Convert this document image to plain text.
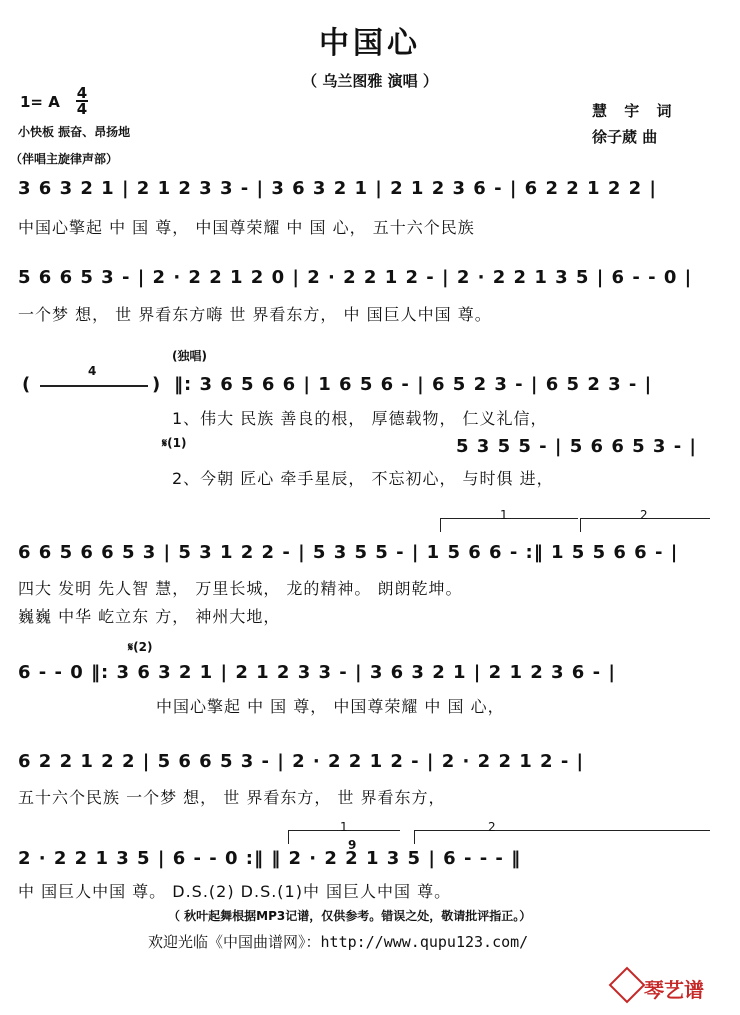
中国心
（ 乌兰图雅 演唱 ）
1= A 4
4
小快板 振奋、昂扬地
慧 宇 词
徐子葳 曲
（伴唱主旋律声部）
3 6 3 2 1 | 2 1 2 3 3 - | 3 6 3 2 1 | 2 1 2 3 6 - | 6 2 2 1 2 2 |
中国心擎起 中 国 尊， 中国尊荣耀 中 国 心， 五十六个民族
5 6 6 5 3 - | 2 · 2 2 1 2 0 | 2 · 2 2 1 2 - | 2 · 2 2 1 3 5 | 6 - - 0 |
一个梦 想， 世 界看东方嗨 世 界看东方， 中 国巨人中国 尊。
(独唱)
(
4
) ‖: 3 6 5 6 6 | 1 6 5 6 - | 6 5 2 3 - | 6 5 2 3 - |
1、伟大 民族 善良的根， 厚德载物， 仁义礼信，
𝄋(1)	5 3 5 5 - | 5 6 6 5 3 - |
2、今朝 匠心 牵手星辰， 不忘初心， 与时俱 进，
1	2
6 6 5 6 6 5 3 | 5 3 1 2 2 - | 5 3 5 5 - | 1 5 6 6 - :‖ 1 5 5 6 6 - |
四大 发明 先人智 慧， 万里长城， 龙的精神。 朗朗乾坤。
巍巍 中华 屹立东 方， 神州大地，
𝄋(2)
6 - - 0 ‖: 3 6 3 2 1 | 2 1 2 3 3 - | 3 6 3 2 1 | 2 1 2 3 6 - |
中国心擎起 中 国 尊， 中国尊荣耀 中 国 心，
6 2 2 1 2 2 | 5 6 6 5 3 - | 2 · 2 2 1 2 - | 2 · 2 2 1 2 - |
五十六个民族 一个梦 想， 世 界看东方， 世 界看东方，
1	2
9
2 · 2 2 1 3 5 | 6 - - 0 :‖ ‖ 2 · 2 2 1 3 5 | 6 - - - ‖
中 国巨人中国 尊。 D.S.(2) D.S.(1)中 国巨人中国 尊。
（ 秋叶起舞根据MP3记谱，仅供参考。错误之处，敬请批评指正。）
欢迎光临《中国曲谱网》：http://www.qupu123.com/
琴艺谱
